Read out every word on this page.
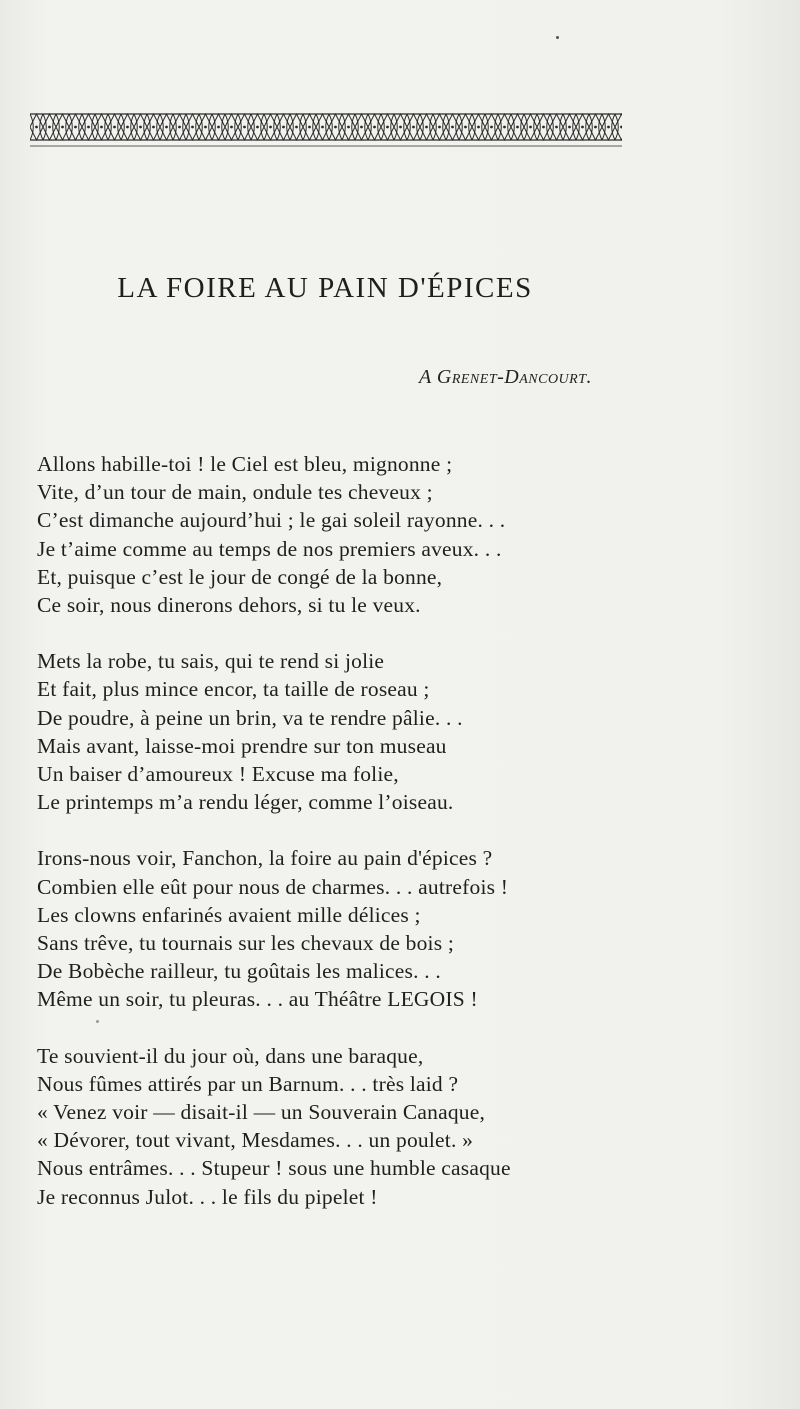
LA FOIRE AU PAIN D'ÉPICES
A Grenet-Dancourt.
Allons habille-toi ! le Ciel est bleu, mignonne ;
Vite, d’un tour de main, ondule tes cheveux ;
C’est dimanche aujourd’hui ; le gai soleil rayonne. . .
Je t’aime comme au temps de nos premiers aveux. . .
Et, puisque c’est le jour de congé de la bonne,
Ce soir, nous dinerons dehors, si tu le veux.
Mets la robe, tu sais, qui te rend si jolie
Et fait, plus mince encor, ta taille de roseau ;
De poudre, à peine un brin, va te rendre pâlie. . .
Mais avant, laisse-moi prendre sur ton museau
Un baiser d’amoureux ! Excuse ma folie,
Le printemps m’a rendu léger, comme l’oiseau.
Irons-nous voir, Fanchon, la foire au pain d'épices ?
Combien elle eût pour nous de charmes. . . autrefois !
Les clowns enfarinés avaient mille délices ;
Sans trêve, tu tournais sur les chevaux de bois ;
De Bobèche railleur, tu goûtais les malices. . .
Même un soir, tu pleuras. . . au Théâtre LEGOIS !
Te souvient-il du jour où, dans une baraque,
Nous fûmes attirés par un Barnum. . . très laid ?
« Venez voir — disait-il — un Souverain Canaque,
« Dévorer, tout vivant, Mesdames. . . un poulet. »
Nous entrâmes. . . Stupeur ! sous une humble casaque
Je reconnus Julot. . . le fils du pipelet !
